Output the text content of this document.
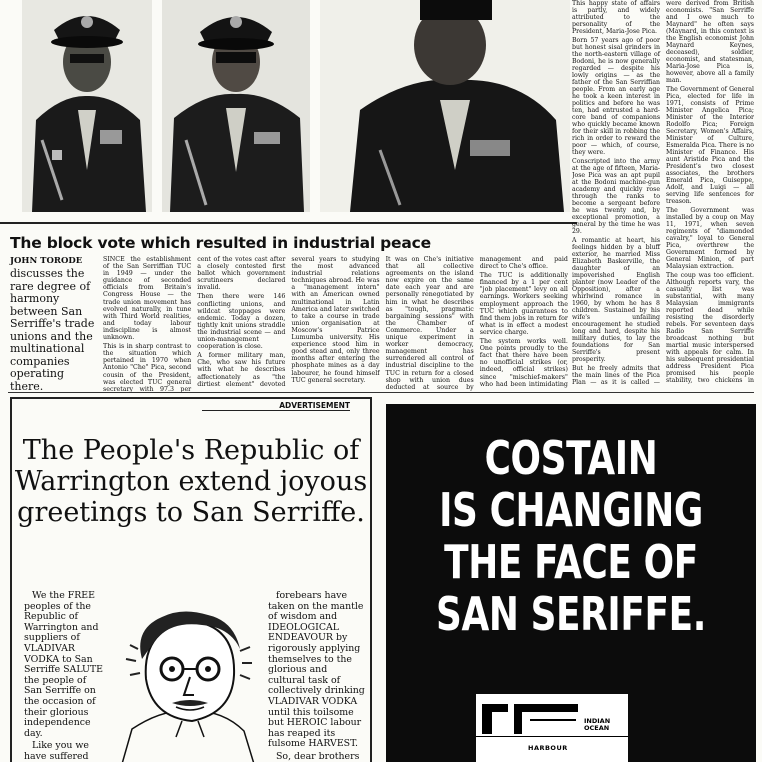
This happy state of affairs is partly, and widely attributed to the personality of the President, Maria-Jose Pica.

Born 57 years ago of poor but honest sisal grinders in the north-eastern village of Bodoni, he is now generally regarded — despite his lowly origins — as the father of the San Serriffian people. From an early age he took a keen interest in politics and before he was ten, had entrusted a hard-core band of companions who quickly became known for their skill in robbing the rich in order to reward the poor — which, of course, they were.

Conscripted into the army at the age of fifteen, Maria-Jose Pica was an apt pupil at the Bodoni machine-gun academy and quickly rose through the ranks to become a sergeant before he was twenty and, by exceptional promotion, a general by the time he was 29.

A romantic at heart, his feelings hidden by a bluff exterior, he married Miss Elizabeth Baskerville, the daughter of an impoverished English planter (now Leader of the Opposition), after a whirlwind romance in 1960, by whom he has 8 children. Sustained by his wife's unfailing encouragement he studied long and hard, despite his military duties, to lay the foundations for San Serriffe's present prosperity.

But he freely admits that the main lines of the Pica Plan — as it is called — were derived from British economists. "San Serriffe and I owe much to Maynard" he often says (Maynard, in this context is the English economist John Maynard Keynes, deceased), soldier, economist, and statesman, Maria-Jose Pica is, however, above all a family man.

The Government of General Pica, elected for life in 1971, consists of Prime Minister Angelica Pica; Minister of the Interior Rodolfo Pica; Foreign Secretary, Women's Affairs, Minister of Culture, Esmeralda Pica. There is no Minister of Finance. His aunt Aristide Pica and the President's two closest associates, the brothers Emerald Pica, Guiseppe, Adolf, and Luigi — all serving life sentences for treason.

The Government was installed by a coup on May 11, 1971, when seven regiments of "diamonded cavalry," loyal to General Pica, overthrew the Government formed by General Minion, of part Malaysian extraction.

The coup was too efficient. Although reports vary, the casualty list was substantial, with many Malaysian immigrants reported dead while resisting the disorderly rebels. For seventeen days Radio San Serriffe broadcast nothing but martial music interspersed with appeals for calm. In his subsequent presidential address President Pica promised his people stability, two chickens in

The block vote which resulted in industrial peace

JOHN TORODE

discusses the rare degree of harmony between San Serriffe's trade unions and the multinational companies operating there.

SINCE the establishment of the San Serriffian TUC in 1949 — under the guidance of seconded officials from Britain's Congress House — the trade union movement has evolved naturally, in tune with Third World realities, and today labour indiscipline is almost unknown.

This is in sharp contrast to the situation which pertained in 1970 when Antonio "Che" Pica, second cousin of the President, was elected TUC general secretary with 97.3 per cent of the votes cast after a closely contested first ballot which government scrutineers declared invalid.

Then there were 146 conflicting unions, and wildcat stoppages were endemic. Today a dozen, tightly knit unions straddle the industrial scene — and union-management cooperation is close.

A former military man, Che, who saw his future with what he describes affectionately as "the dirtiest element" devoted several years to studying the most advanced industrial relations techniques abroad. He was a "management intern" with an American owned multinational in Latin America and later switched to take a course in trade union organisation at Moscow's Patrice Lumumba university. His experience stood him in good stead and, only three months after entering the phosphate mines as a day labourer, he found himself TUC general secretary.

It was on Che's initiative that all collective agreements on the island now expire on the same date each year and are personally renegotiated by him in what he describes as "tough, pragmatic bargaining sessions" with the Chamber of Commerce. Under a unique experiment in worker democracy, management has surrendered all control of industrial discipline to the TUC in return for a closed shop with union dues deducted at source by management and paid direct to Che's office.

The TUC is additionally financed by a 1 per cent "job placement" levy on all earnings. Workers seeking employment approach the TUC which guarantees to find them jobs in return for what is in effect a modest service charge.

The system works well. One points proudly to the fact that there have been no unofficial strikes (or, indeed, official strikes) since "mischief-makers" who had been intimidating

ADVERTISEMENT
The People's Republic of Warrington extend joyous greetings to San Serriffe.

We the FREE peoples of the Republic of Warrington and suppliers of VLADIVAR VODKA to San Serriffe SALUTE the people of San Serriffe on the occasion of their glorious independence day.

Like you we have suffered

forebears have taken on the mantle of wisdom and IDEOLOGICAL ENDEAVOUR by rigorously applying themselves to the glorious and cultural task of collectively drinking VLADIVAR VODKA until this toilsome but HEROIC labour has reaped its fulsome HARVEST.

So, dear brothers

COSTAIN
IS CHANGING
THE FACE OF
SAN SERIFFE.
INDIAN
OCEAN
HARBOUR
